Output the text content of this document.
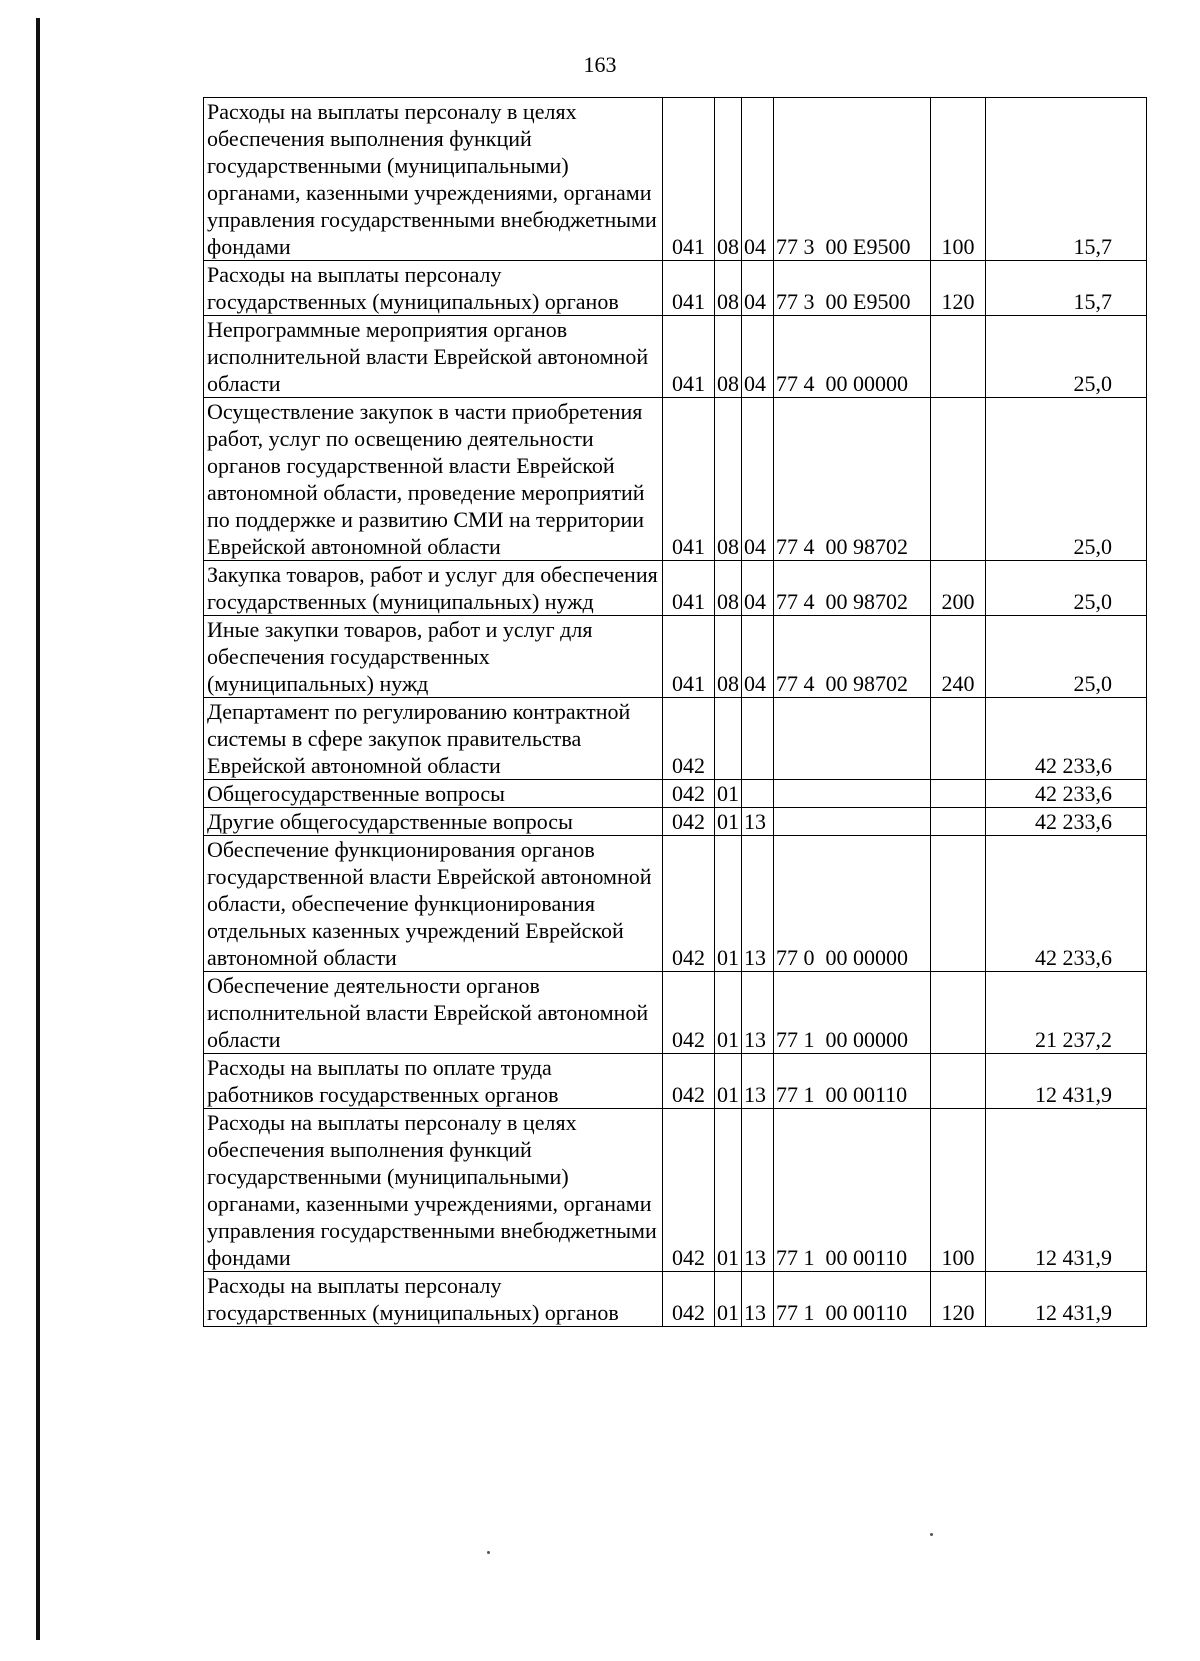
163
Расходы на выплаты персоналу в целях обеспечения выполнения функций государственными (муниципальными) органами, казенными учреждениями, органами управления государственными внебюджетными фондами	041	08	04	77 3  00 Е9500	100	15,7
Расходы на выплаты персоналу государственных (муниципальных) органов	041	08	04	77 3  00 Е9500	120	15,7
Непрограммные мероприятия органов исполнительной власти Еврейской автономной области	041	08	04	77 4  00 00000		25,0
Осуществление закупок в части приобретения работ, услуг по освещению деятельности органов государственной власти Еврейской автономной области, проведение мероприятий по поддержке и развитию СМИ на территории Еврейской автономной области	041	08	04	77 4  00 98702		25,0
Закупка товаров, работ и услуг для обеспечения государственных (муниципальных) нужд	041	08	04	77 4  00 98702	200	25,0
Иные закупки товаров, работ и услуг для обеспечения государственных (муниципальных) нужд	041	08	04	77 4  00 98702	240	25,0
Департамент по регулированию контрактной системы в сфере закупок правительства Еврейской автономной области	042					42 233,6
Общегосударственные вопросы	042	01				42 233,6
Другие общегосударственные вопросы	042	01	13			42 233,6
Обеспечение функционирования органов государственной власти Еврейской автономной области, обеспечение функционирования отдельных казенных учреждений Еврейской автономной области	042	01	13	77 0  00 00000		42 233,6
Обеспечение деятельности органов исполнительной власти Еврейской автономной области	042	01	13	77 1  00 00000		21 237,2
Расходы на выплаты по оплате труда работников государственных органов	042	01	13	77 1  00 00110		12 431,9
Расходы на выплаты персоналу в целях обеспечения выполнения функций государственными (муниципальными) органами, казенными учреждениями, органами управления государственными внебюджетными фондами	042	01	13	77 1  00 00110	100	12 431,9
Расходы на выплаты персоналу государственных (муниципальных) органов	042	01	13	77 1  00 00110	120	12 431,9
